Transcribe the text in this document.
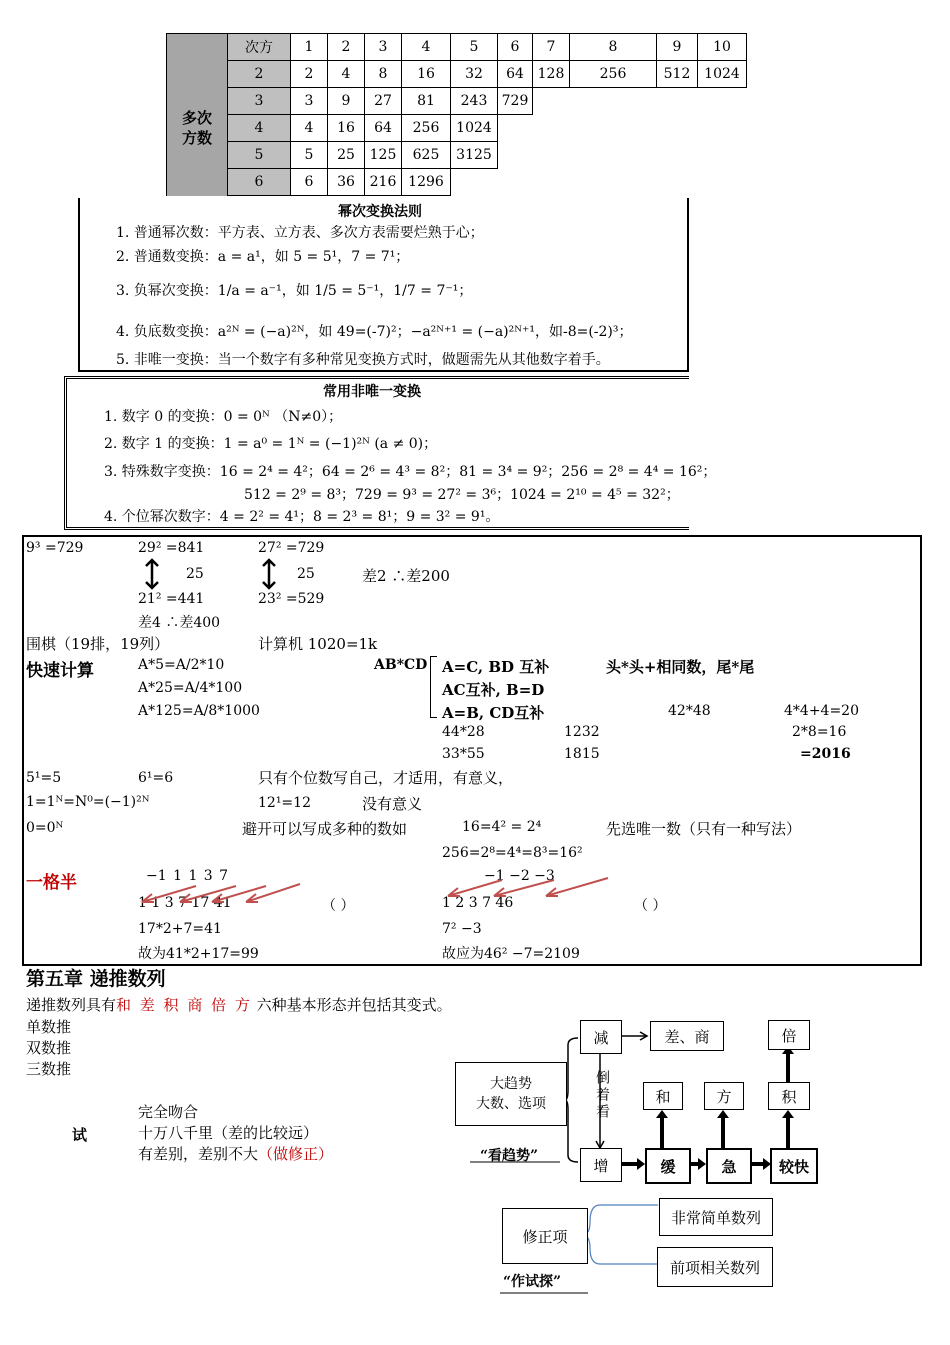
	次方	1	2	3	4	5	6	7	8	9	10
多次方数	2	2	4	8	16	32	64	128	256	512	1024
	3	3	9	27	81	243	729				
	4	4	16	64	256	1024					
	5	5	25	125	625	3125					
	6	6	36	216	1296						
幂次变换法则
1. 普通幂次数：平方表、立方表、多次方表需要烂熟于心；
2. 普通数变换：a = a¹，如 5 = 5¹，7 = 7¹；
3. 负幂次变换：1/a = a⁻¹，如 1/5 = 5⁻¹，1/7 = 7⁻¹；
4. 负底数变换：a²ᴺ = (−a)²ᴺ，如 49=(-7)²；−a²ᴺ⁺¹ = (−a)²ᴺ⁺¹，如-8=(-2)³；
5. 非唯一变换：当一个数字有多种常见变换方式时，做题需先从其他数字着手。
常用非唯一变换
1. 数字 0 的变换：0 = 0ᴺ （N≠0）；
2. 数字 1 的变换：1 = a⁰ = 1ᴺ = (−1)²ᴺ (a ≠ 0)；
3. 特殊数字变换：16 = 2⁴ = 4²；64 = 2⁶ = 4³ = 8²；81 = 3⁴ = 9²；256 = 2⁸ = 4⁴ = 16²；
512 = 2⁹ = 8³；729 = 9³ = 27² = 3⁶；1024 = 2¹⁰ = 4⁵ = 32²；
4. 个位幂次数字：4 = 2² = 4¹；8 = 2³ = 8¹；9 = 3² = 9¹。
9³ =729	29² =841	27² =729
25	25	差2 ∴差200
21² =441	23² =529
差4 ∴差400
围棋（19排，19列）	计算机 1020=1k
快速计算	A*5=A/2*10
A*25=A/4*100
A*125=A/8*1000
AB*CD A=C, BD 互补
AC互补, B=D
A=B, CD互补
头*头+相同数，尾*尾
42*48	4*4+4=20
44*28	1232	2*8=16
33*55	1815	=2016
5¹=5	6¹=6	只有个位数写自己，才适用，有意义，
1=1ᴺ=N⁰=(−1)²ᴺ	12¹=12	没有意义
0=0ᴺ	避开可以写成多种的数如	16=4² = 2⁴	先选唯一数（只有一种写法）
256=2⁸=4⁴=8³=16²
一格半	−1 1 1 3 7
1 1 3 7 17 41	（ ）
17*2+7=41
故为41*2+17=99
−1 −2 −3
1 2 3 7 46	（ ）
7² −3
故应为46² −7=2109
第五章 递推数列
递推数列具有和 差 积 商 倍 方 六种基本形态并包括其变式。
单数推
双数推
三数推
试
完全吻合
十万八千里（差的比较远）
有差别，差别不大（做修正）
大趋势
大数、选项
“看趋势”
减	差、商	倍
倒着看	和	方	积
增	缓	急	较快
修正项
“作试探”
非常简单数列
前项相关数列
